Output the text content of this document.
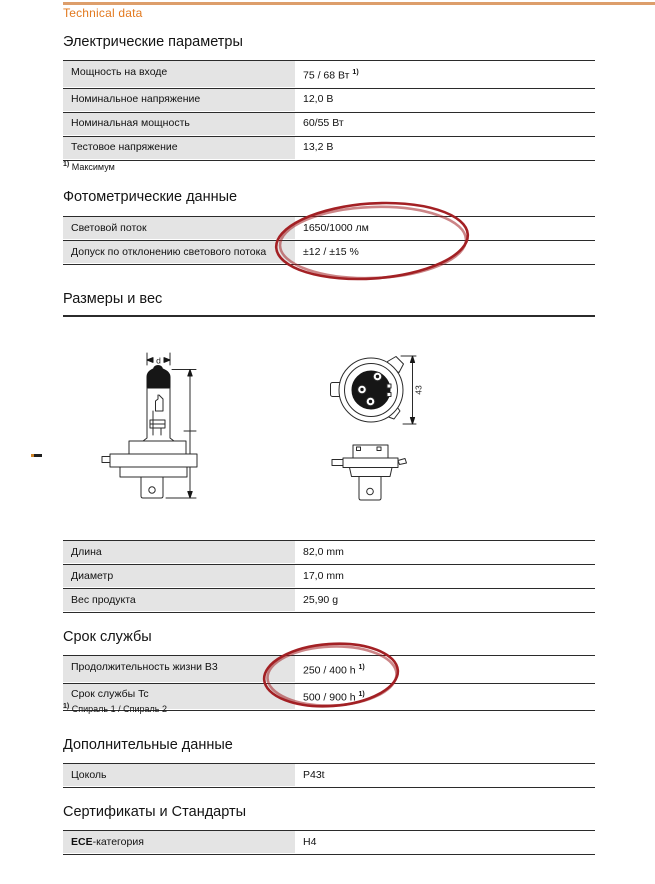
Technical data
Электрические параметры
Мощность на входе	75 / 68 Вт $^{1)}$
Номинальное напряжение	12,0 В
Номинальная мощность	60/55 Вт
Тестовое напряжение	13,2 В
$^{1)}$ Максимум
Фотометрические данные
Световой поток	1650/1000 лм
Допуск по отклонению светового потока	±12 / ±15 %
Размеры и вес
d
43
Длина	82,0 mm
Диаметр	17,0 mm
Вес продукта	25,90 g
Срок службы
Продолжительность жизни B3	250 / 400 h $^{1)}$
Срок службы Tc	500 / 900 h $^{1)}$
$^{1)}$ Спираль 1 / Спираль 2
Дополнительные данные
Цоколь	P43t
Сертификаты и Стандарты
ECE-категория	H4
